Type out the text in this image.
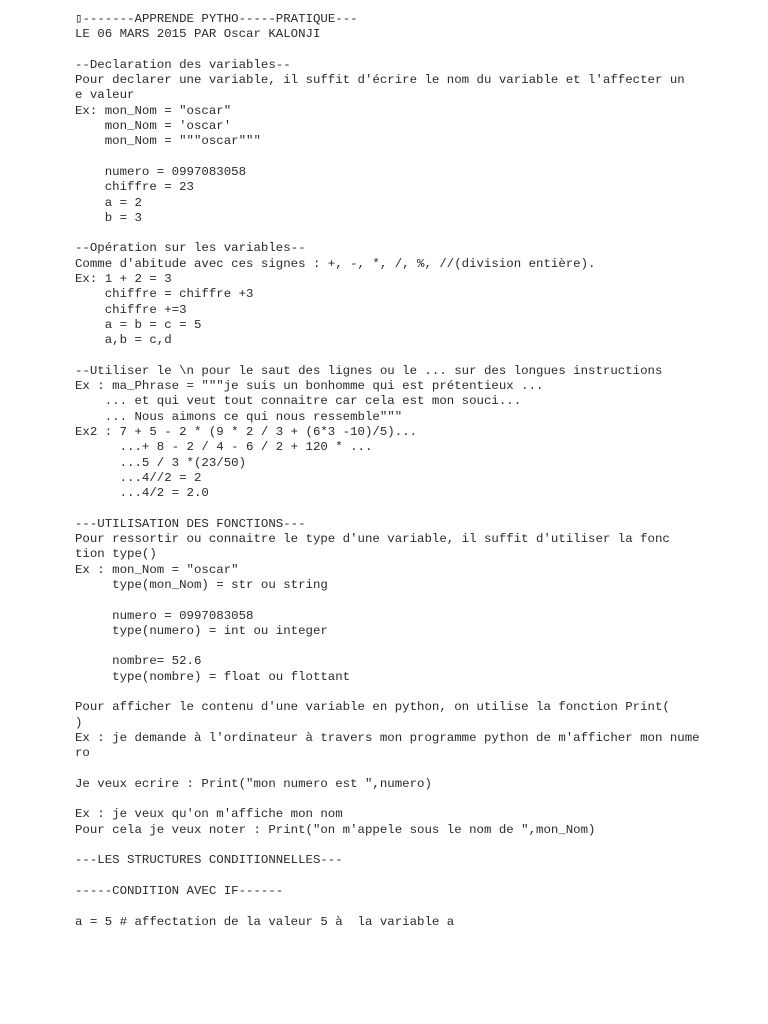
▯-------APPRENDE PYTHO-----PRATIQUE---
LE 06 MARS 2015 PAR Oscar KALONJI
--Declaration des variables--
Pour declarer une variable, il suffit d'écrire le nom du variable et l'affecter un
e valeur
Ex: mon_Nom = "oscar"
mon_Nom = 'oscar'
mon_Nom = """oscar"""
numero = 0997083058
chiffre = 23
a = 2
b = 3
--Opération sur les variables--
Comme d'abitude avec ces signes : +, -, *, /, %, //(division entière).
Ex: 1 + 2 = 3
chiffre = chiffre +3
chiffre +=3
a = b = c = 5
a,b = c,d
--Utiliser le \n pour le saut des lignes ou le ... sur des longues instructions
Ex : ma_Phrase = """je suis un bonhomme qui est prétentieux ...
... et qui veut tout connaitre car cela est mon souci...
... Nous aimons ce qui nous ressemble"""
Ex2 : 7 + 5 - 2 * (9 * 2 / 3 + (6*3 -10)/5)...
...+ 8 - 2 / 4 - 6 / 2 + 120 * ...
...5 / 3 *(23/50)
...4//2 = 2
...4/2 = 2.0
---UTILISATION DES FONCTIONS---
Pour ressortir ou connaitre le type d'une variable, il suffit d'utiliser la fonc
tion type()
Ex : mon_Nom = "oscar"
type(mon_Nom) = str ou string
numero = 0997083058
type(numero) = int ou integer
nombre= 52.6
type(nombre) = float ou flottant
Pour afficher le contenu d'une variable en python, on utilise la fonction Print(
)
Ex : je demande à l'ordinateur à travers mon programme python de m'afficher mon nume
ro
Je veux ecrire : Print("mon numero est ",numero)
Ex : je veux qu'on m'affiche mon nom
Pour cela je veux noter : Print("on m'appele sous le nom de ",mon_Nom)
---LES STRUCTURES CONDITIONNELLES---
-----CONDITION AVEC IF------
a = 5 # affectation de la valeur 5 à  la variable a
